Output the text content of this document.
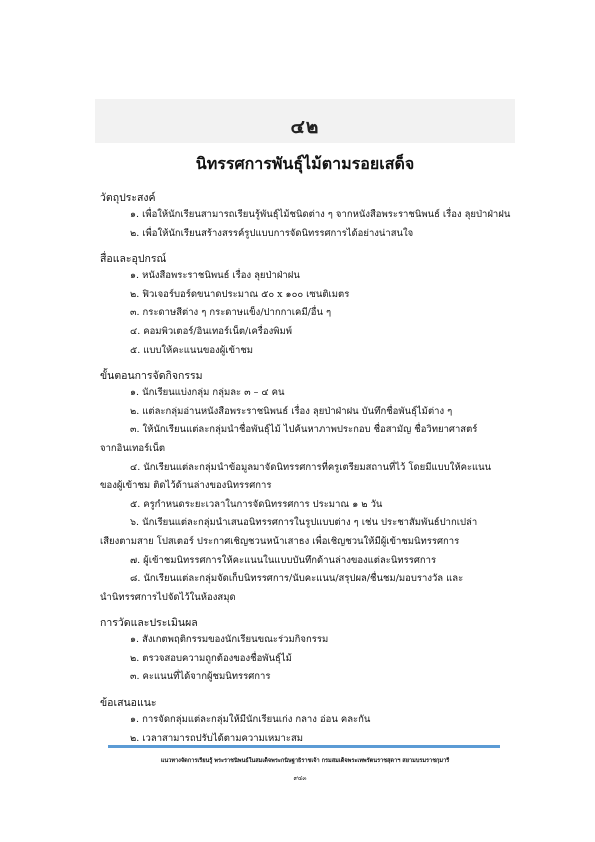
๔๒
นิทรรศการพันธุ์ไม้ตามรอยเสด็จ
วัตถุประสงค์
๑. เพื่อให้นักเรียนสามารถเรียนรู้พันธุ์ไม้ชนิดต่าง ๆ จากหนังสือพระราชนิพนธ์ เรื่อง ลุยป่าฝ่าฝน
๒. เพื่อให้นักเรียนสร้างสรรค์รูปแบบการจัดนิทรรศการได้อย่างน่าสนใจ
สื่อและอุปกรณ์
๑. หนังสือพระราชนิพนธ์ เรื่อง ลุยป่าฝ่าฝน
๒. ฟิวเจอร์บอร์ดขนาดประมาณ ๕๐ x ๑๐๐ เซนติเมตร
๓. กระดาษสีต่าง ๆ กระดาษแข็ง/ปากกาเคมี/อื่น ๆ
๔. คอมพิวเตอร์/อินเทอร์เน็ต/เครื่องพิมพ์
๕. แบบให้คะแนนของผู้เข้าชม
ขั้นตอนการจัดกิจกรรม
๑. นักเรียนแบ่งกลุ่ม กลุ่มละ ๓ – ๔ คน
๒. แต่ละกลุ่มอ่านหนังสือพระราชนิพนธ์ เรื่อง ลุยป่าฝ่าฝน บันทึกชื่อพันธุ์ไม้ต่าง ๆ
๓. ให้นักเรียนแต่ละกลุ่มนำชื่อพันธุ์ไม้ ไปค้นหาภาพประกอบ ชื่อสามัญ ชื่อวิทยาศาสตร์
จากอินเทอร์เน็ต
๔. นักเรียนแต่ละกลุ่มนำข้อมูลมาจัดนิทรรศการที่ครูเตรียมสถานที่ไว้ โดยมีแบบให้คะแนน
ของผู้เข้าชม ติดไว้ด้านล่างของนิทรรศการ
๕. ครูกำหนดระยะเวลาในการจัดนิทรรศการ ประมาณ ๑ ๒ วัน
๖. นักเรียนแต่ละกลุ่มนำเสนอนิทรรศการในรูปแบบต่าง ๆ เช่น ประชาสัมพันธ์ปากเปล่า
เสียงตามสาย โปสเตอร์ ประกาศเชิญชวนหน้าเสาธง เพื่อเชิญชวนให้มีผู้เข้าชมนิทรรศการ
๗. ผู้เข้าชมนิทรรศการให้คะแนนในแบบบันทึกด้านล่างของแต่ละนิทรรศการ
๘. นักเรียนแต่ละกลุ่มจัดเก็บนิทรรศการ/นับคะแนน/สรุปผล/ชื่นชม/มอบรางวัล และ
นำนิทรรศการไปจัดไว้ในห้องสมุด
การวัดและประเมินผล
๑. สังเกตพฤติกรรมของนักเรียนขณะร่วมกิจกรรม
๒. ตรวจสอบความถูกต้องของชื่อพันธุ์ไม้
๓. คะแนนที่ได้จากผู้ชมนิทรรศการ
ข้อเสนอแนะ
๑. การจัดกลุ่มแต่ละกลุ่มให้มีนักเรียนเก่ง กลาง อ่อน คละกัน
๒. เวลาสามารถปรับได้ตามความเหมาะสม
แนวทางจัดการเรียนรู้ พระราชนิพนธ์ในสมเด็จพระกนิษฐาธิราชเจ้า กรมสมเด็จพระเทพรัตนราชสุดาฯ สยามบรมราชกุมารี
๙๔๓
